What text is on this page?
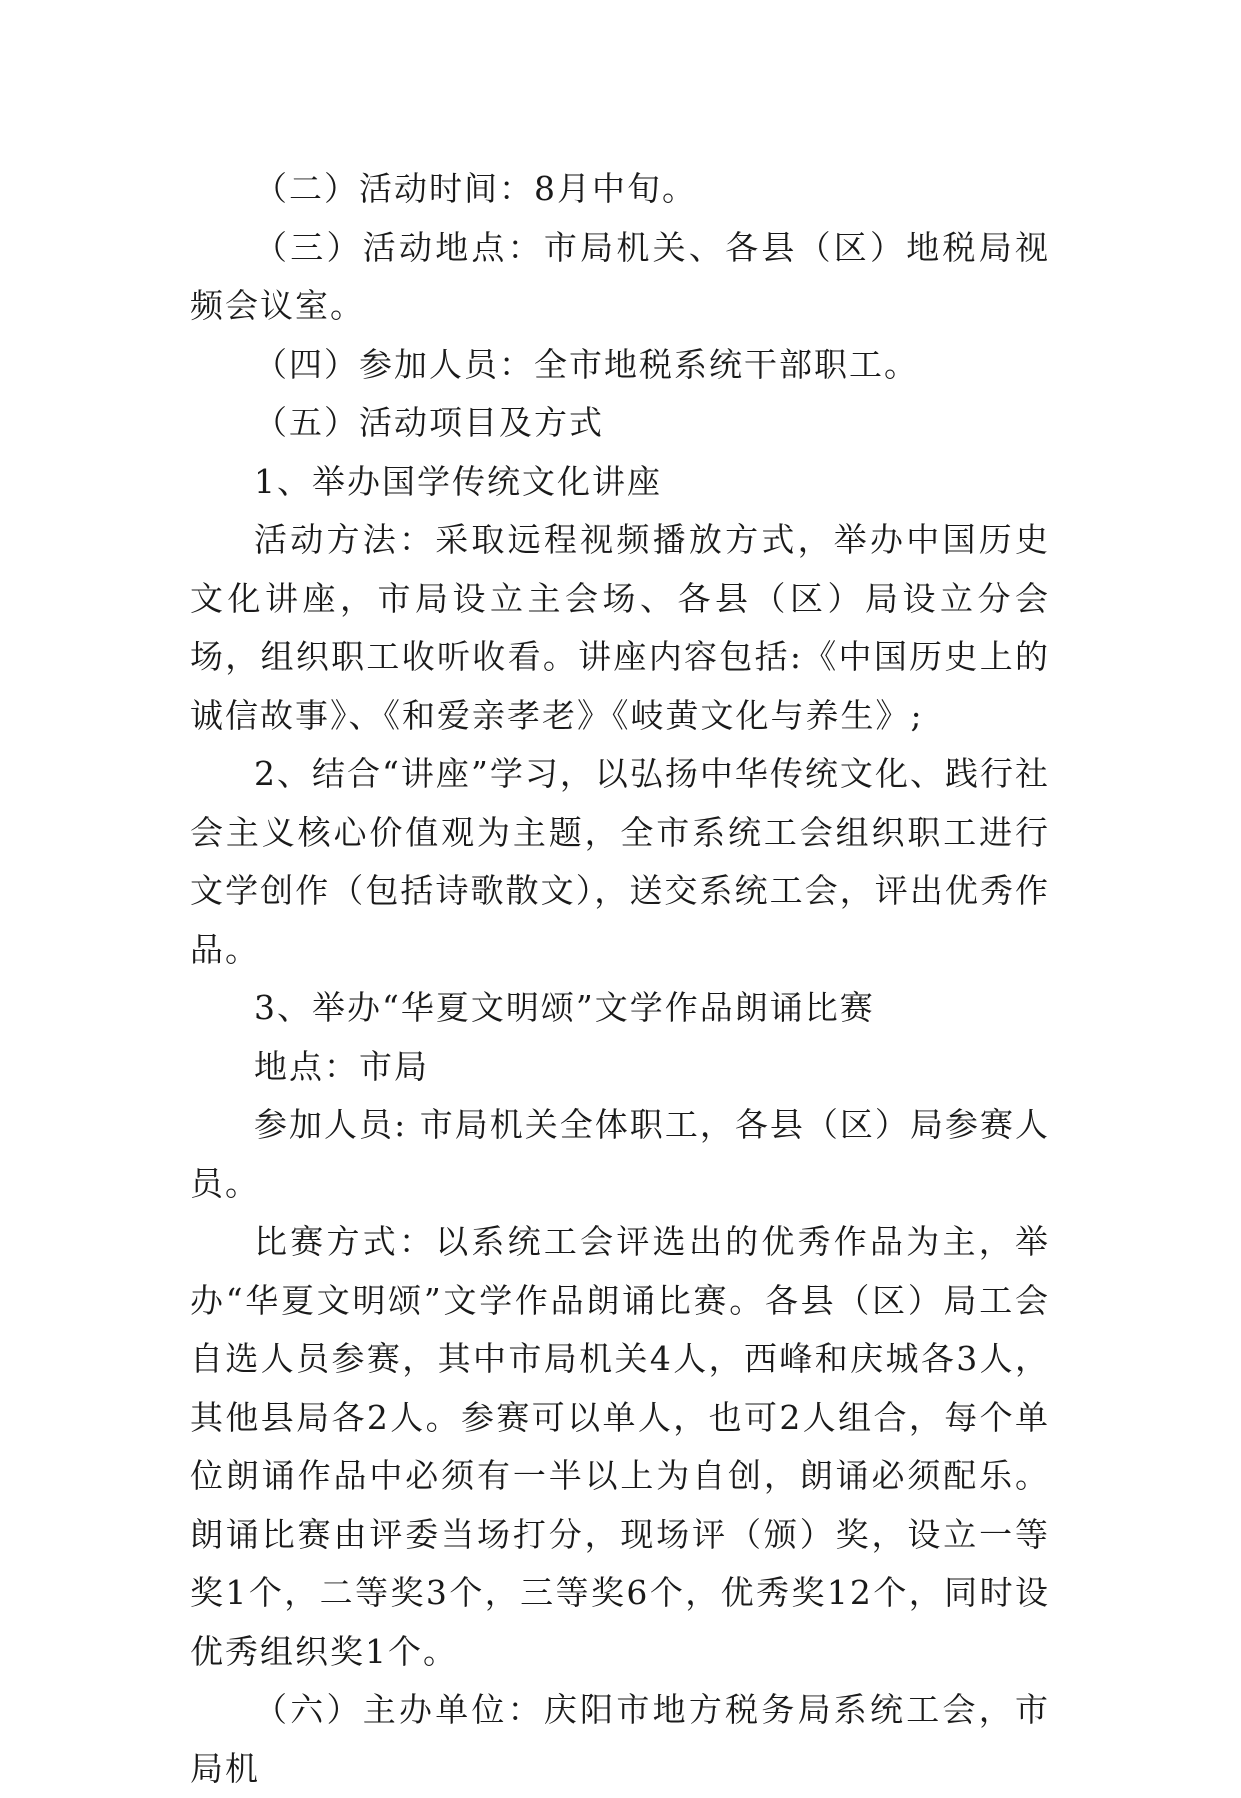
（二）活动时间：8月中旬。

（三）活动地点：市局机关、各县（区）地税局视频会议室。

（四）参加人员：全市地税系统干部职工。

（五）活动项目及方式

1、举办国学传统文化讲座

活动方法：采取远程视频播放方式，举办中国历史文化讲座，市局设立主会场、各县（区）局设立分会场，组织职工收听收看。讲座内容包括:《中国历史上的诚信故事》、《和爱亲孝老》《岐黄文化与养生》;

2、结合“讲座”学习，以弘扬中华传统文化、践行社会主义核心价值观为主题，全市系统工会组织职工进行文学创作（包括诗歌散文），送交系统工会，评出优秀作品。

3、举办“华夏文明颂”文学作品朗诵比赛

地点：市局

参加人员: 市局机关全体职工，各县（区）局参赛人员。

比赛方式：以系统工会评选出的优秀作品为主，举办“华夏文明颂”文学作品朗诵比赛。各县（区）局工会自选人员参赛，其中市局机关4人，西峰和庆城各3人，其他县局各2人。参赛可以单人，也可2人组合，每个单位朗诵作品中必须有一半以上为自创，朗诵必须配乐。朗诵比赛由评委当场打分，现场评（颁）奖，设立一等奖1个，二等奖3个，三等奖6个，优秀奖12个，同时设优秀组织奖1个。

（六）主办单位：庆阳市地方税务局系统工会，市局机
